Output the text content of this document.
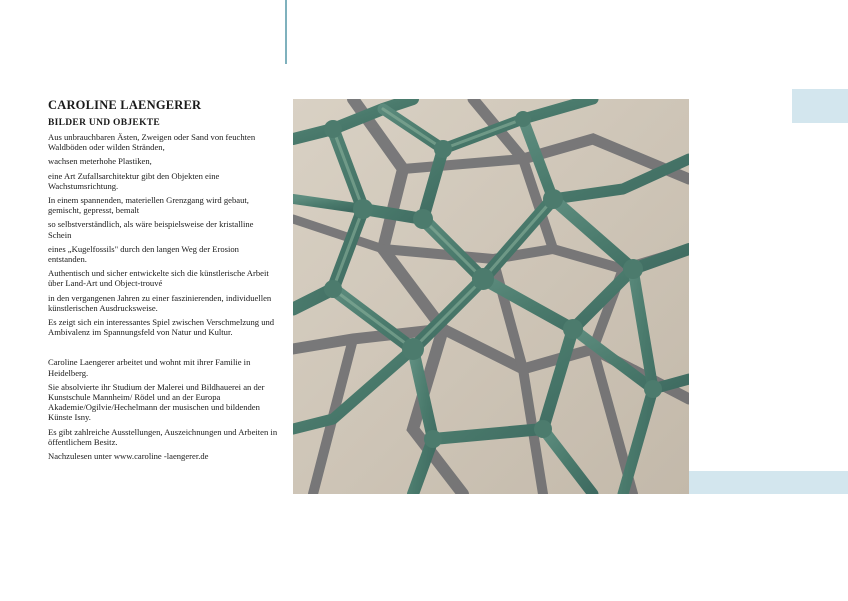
CAROLINE LAENGERER
BILDER UND OBJEKTE

Aus unbrauchbaren Ästen, Zweigen oder Sand von feuchten Waldböden oder wilden Stränden,

wachsen meterhohe Plastiken,

eine Art Zufallsarchitektur gibt den Objekten eine Wachstumsrichtung.

In einem spannenden, materiellen Grenzgang wird gebaut, gemischt, gepresst, bemalt

so selbstverständlich, als wäre beispielsweise der kristalline Schein

eines „Kugelfossils" durch den langen Weg der Erosion entstanden.

Authentisch und sicher entwickelte sich die künstlerische Arbeit über Land-Art und Object-trouvé

in den vergangenen Jahren zu einer faszinierenden, individuellen künstlerischen Ausdrucksweise.

Es zeigt sich ein interessantes Spiel zwischen Verschmelzung und Ambivalenz im Spannungsfeld von Natur und Kultur.

Caroline Laengerer arbeitet und wohnt mit ihrer Familie in Heidelberg.

Sie absolvierte ihr Studium der Malerei und Bildhauerei an der Kunstschule Mannheim/ Rödel und an der Europa Akademie/Ogilvie/Hechelmann der musischen und bildenden Künste Isny.

Es gibt zahlreiche Ausstellungen, Auszeichnungen und Arbeiten in öffentlichem Besitz.

Nachzulesen unter www.caroline -laengerer.de
